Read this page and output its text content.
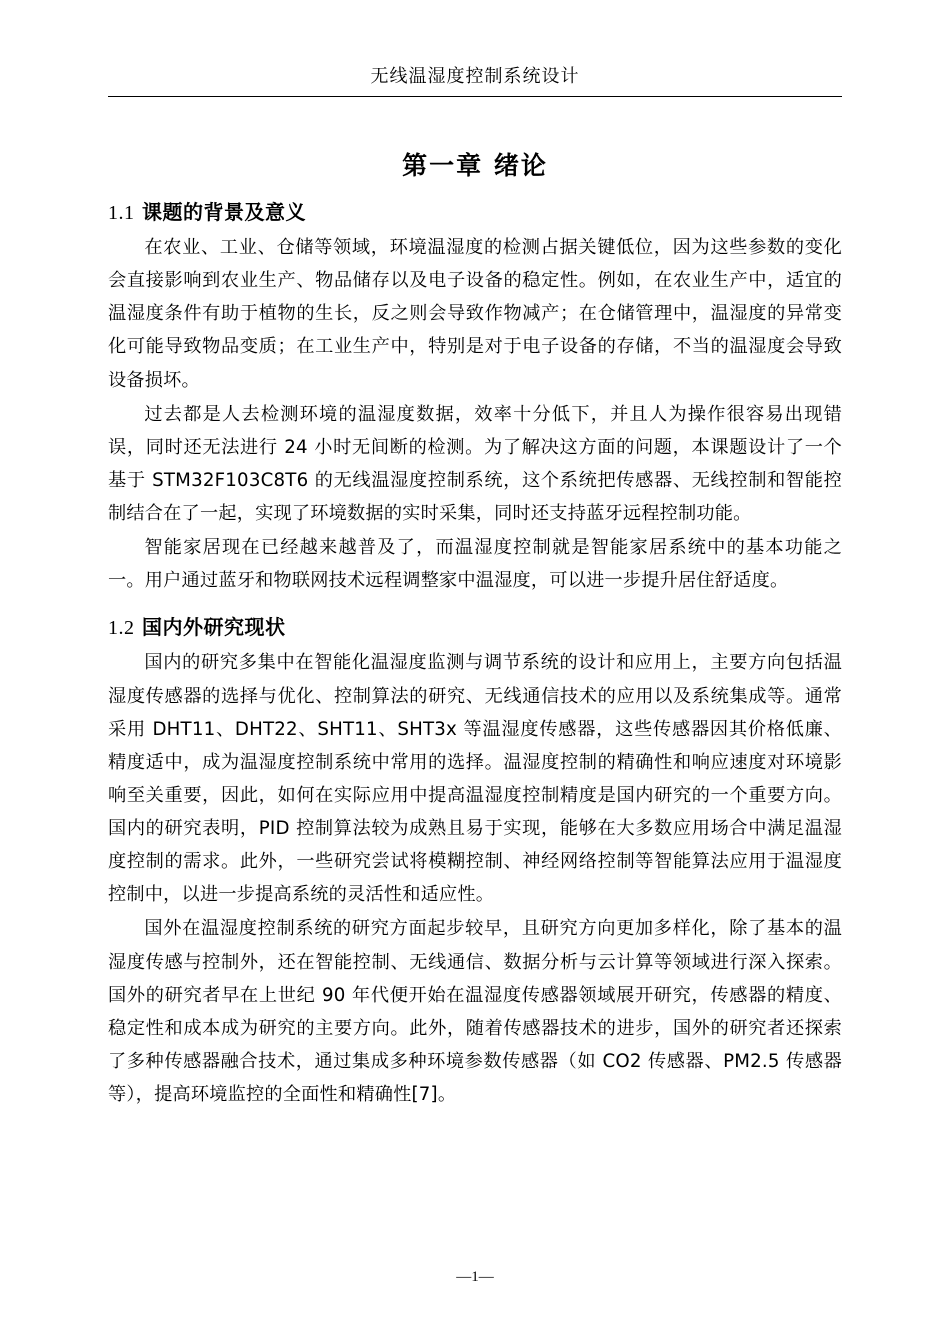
无线温湿度控制系统设计
第一章 绪论
1.1 课题的背景及意义

在农业、工业、仓储等领域，环境温湿度的检测占据关键低位，因为这些参数的变化会直接影响到农业生产、物品储存以及电子设备的稳定性。例如，在农业生产中，适宜的温湿度条件有助于植物的生长，反之则会导致作物减产；在仓储管理中，温湿度的异常变化可能导致物品变质；在工业生产中，特别是对于电子设备的存储，不当的温湿度会导致设备损坏。

过去都是人去检测环境的温湿度数据，效率十分低下，并且人为操作很容易出现错误，同时还无法进行 24 小时无间断的检测。为了解决这方面的问题，本课题设计了一个基于 STM32F103C8T6 的无线温湿度控制系统，这个系统把传感器、无线控制和智能控制结合在了一起，实现了环境数据的实时采集，同时还支持蓝牙远程控制功能。

智能家居现在已经越来越普及了，而温湿度控制就是智能家居系统中的基本功能之一。用户通过蓝牙和物联网技术远程调整家中温湿度，可以进一步提升居住舒适度。

1.2 国内外研究现状

国内的研究多集中在智能化温湿度监测与调节系统的设计和应用上，主要方向包括温湿度传感器的选择与优化、控制算法的研究、无线通信技术的应用以及系统集成等。通常采用 DHT11、DHT22、SHT11、SHT3x 等温湿度传感器，这些传感器因其价格低廉、精度适中，成为温湿度控制系统中常用的选择。温湿度控制的精确性和响应速度对环境影响至关重要，因此，如何在实际应用中提高温湿度控制精度是国内研究的一个重要方向。国内的研究表明，PID 控制算法较为成熟且易于实现，能够在大多数应用场合中满足温湿度控制的需求。此外，一些研究尝试将模糊控制、神经网络控制等智能算法应用于温湿度控制中，以进一步提高系统的灵活性和适应性。

国外在温湿度控制系统的研究方面起步较早，且研究方向更加多样化，除了基本的温湿度传感与控制外，还在智能控制、无线通信、数据分析与云计算等领域进行深入探索。国外的研究者早在上世纪 90 年代便开始在温湿度传感器领域展开研究，传感器的精度、稳定性和成本成为研究的主要方向。此外，随着传感器技术的进步，国外的研究者还探索了多种传感器融合技术，通过集成多种环境参数传感器（如 CO2 传感器、PM2.5 传感器等），提高环境监控的全面性和精确性[7]。

—1—
